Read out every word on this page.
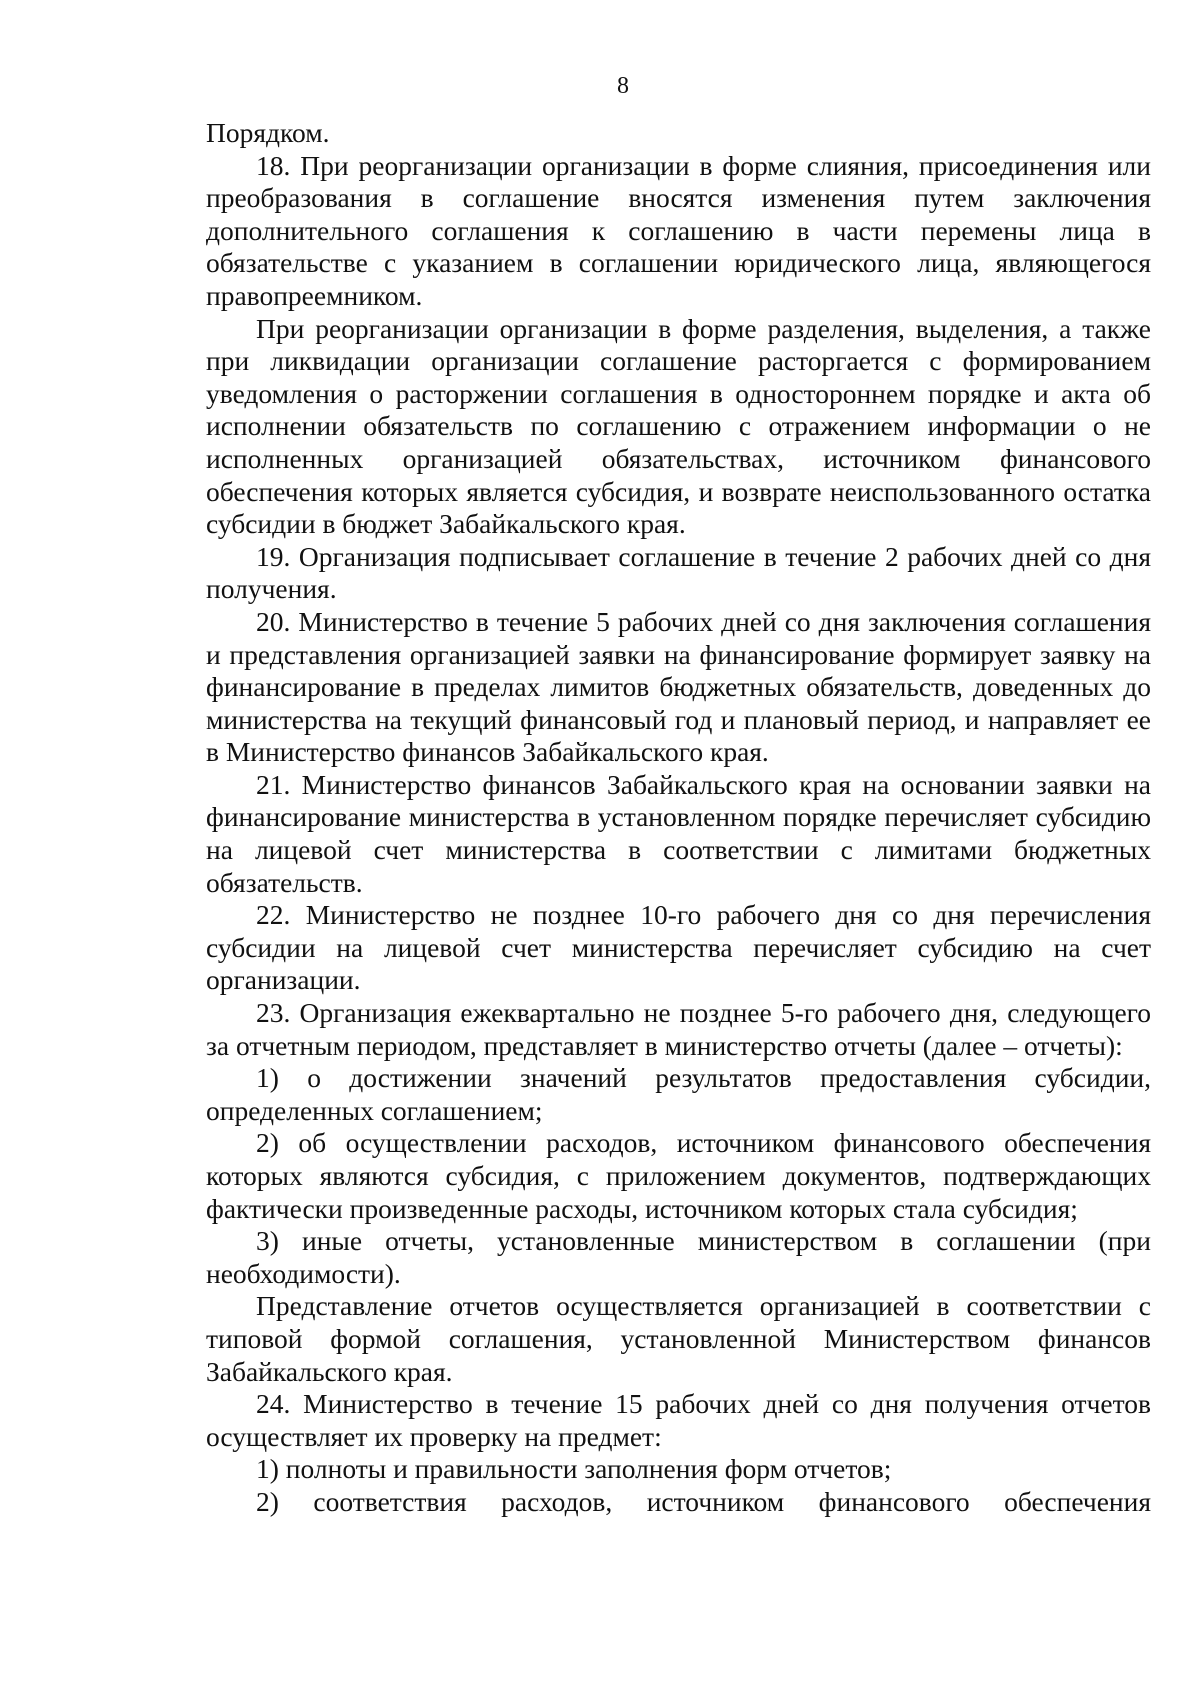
8

Порядком.

18. При реорганизации организации в форме слияния, присоединения или преобразования в соглашение вносятся изменения путем заключения дополнительного соглашения к соглашению в части перемены лица в обязательстве с указанием в соглашении юридического лица, являющегося правопреемником.

При реорганизации организации в форме разделения, выделения, а также при ликвидации организации соглашение расторгается с формированием уведомления о расторжении соглашения в одностороннем порядке и акта об исполнении обязательств по соглашению с отражением информации о не исполненных организацией обязательствах, источником финансового обеспечения которых является субсидия, и возврате неиспользованного остатка субсидии в бюджет Забайкальского края.

19. Организация подписывает соглашение в течение 2 рабочих дней со дня получения.

20. Министерство в течение 5 рабочих дней со дня заключения соглашения и представления организацией заявки на финансирование формирует заявку на финансирование в пределах лимитов бюджетных обязательств, доведенных до министерства на текущий финансовый год и плановый период, и направляет ее в Министерство финансов Забайкальского края.

21. Министерство финансов Забайкальского края на основании заявки на финансирование министерства в установленном порядке перечисляет субсидию на лицевой счет министерства в соответствии с лимитами бюджетных обязательств.

22. Министерство не позднее 10-го рабочего дня со дня перечисления субсидии на лицевой счет министерства перечисляет субсидию на счет организации.

23. Организация ежеквартально не позднее 5-го рабочего дня, следующего за отчетным периодом, представляет в министерство отчеты (далее – отчеты):

1) о достижении значений результатов предоставления субсидии, определенных соглашением;

2) об осуществлении расходов, источником финансового обеспечения которых являются субсидия, с приложением документов, подтверждающих фактически произведенные расходы, источником которых стала субсидия;

3) иные отчеты, установленные министерством в соглашении (при необходимости).

Представление отчетов осуществляется организацией в соответствии с типовой формой соглашения, установленной Министерством финансов Забайкальского края.

24. Министерство в течение 15 рабочих дней со дня получения отчетов осуществляет их проверку на предмет:

1) полноты и правильности заполнения форм отчетов;

2) соответствия расходов, источником финансового обеспечения
